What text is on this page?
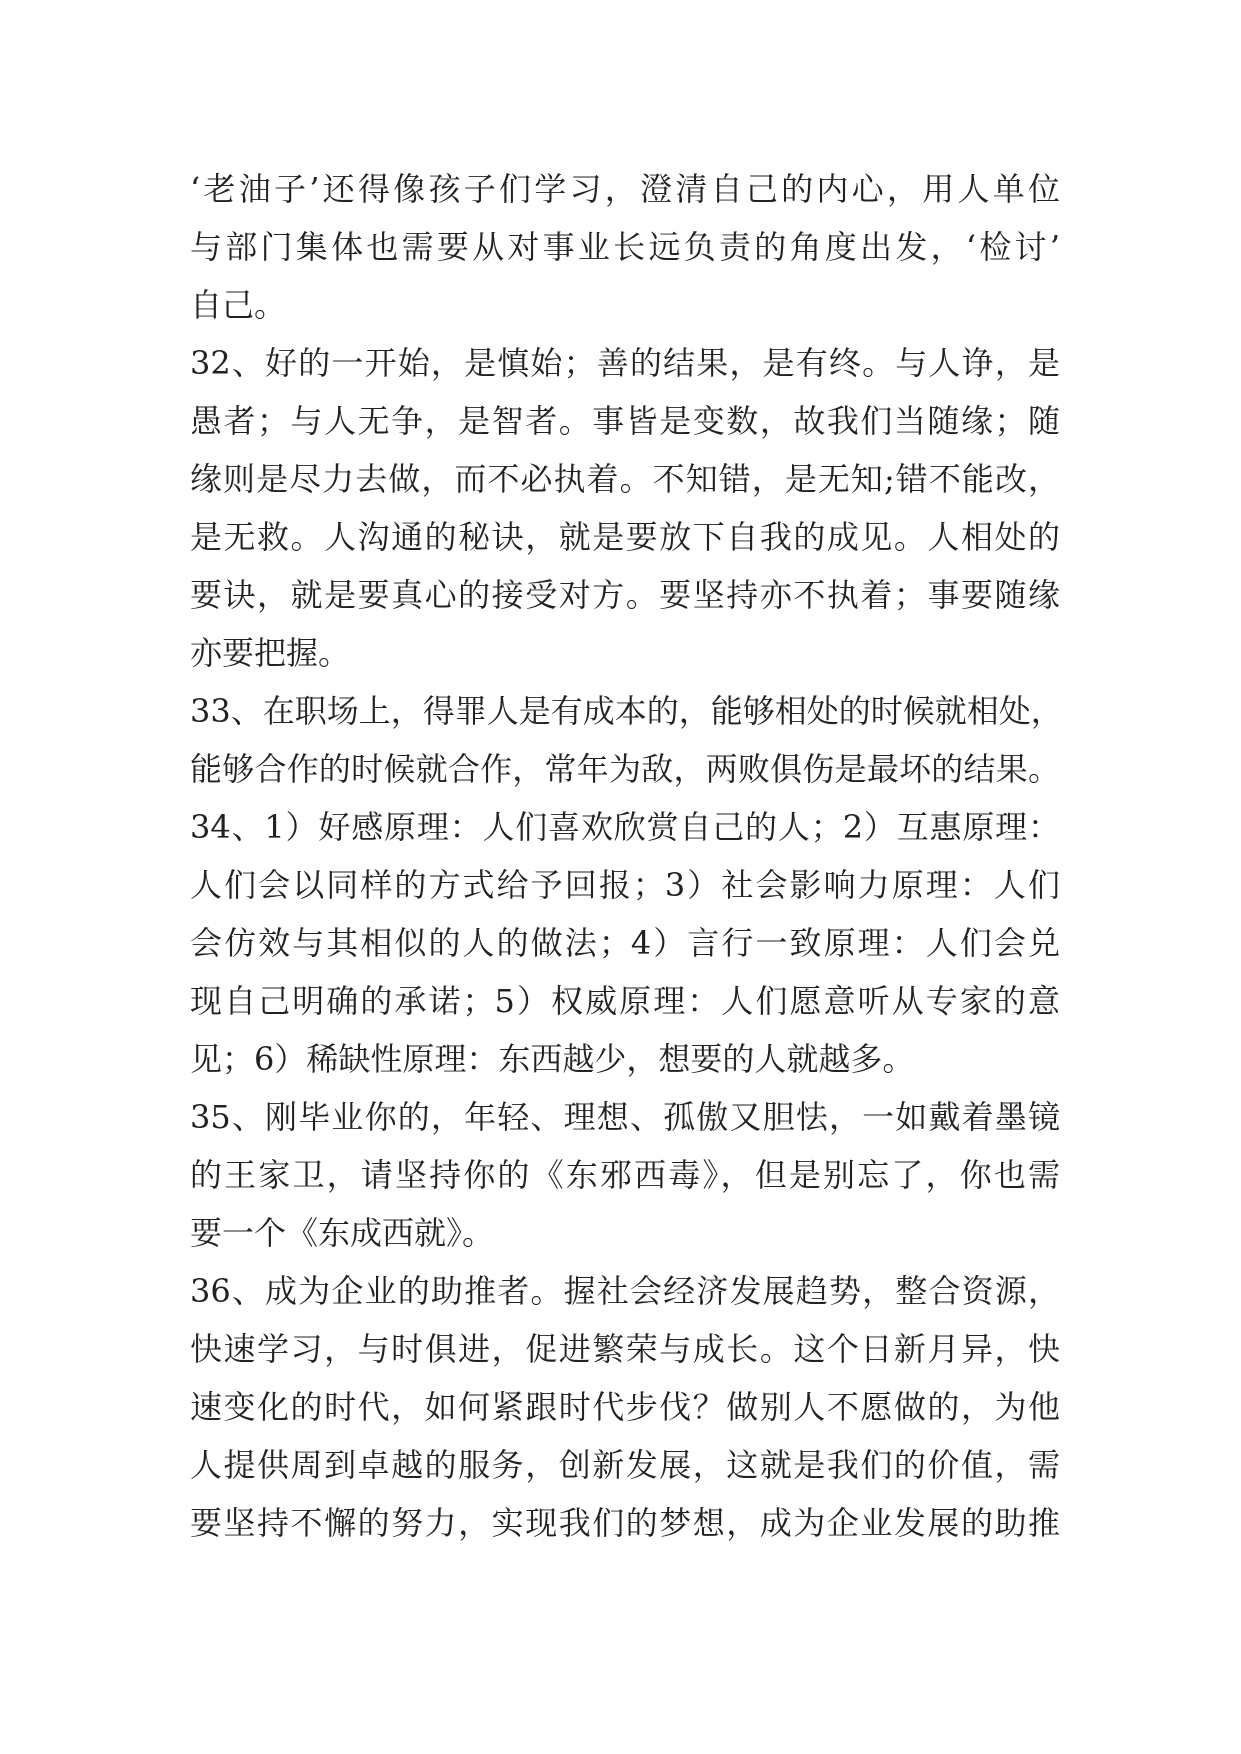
‘老油子’还得像孩子们学习，澄清自己的内心，用人单位
与部门集体也需要从对事业长远负责的角度出发，‘检讨’
自己。
32、好的一开始，是慎始；善的结果，是有终。与人诤，是
愚者；与人无争，是智者。事皆是变数，故我们当随缘；随
缘则是尽力去做，而不必执着。不知错，是无知;错不能改，
是无救。人沟通的秘诀，就是要放下自我的成见。人相处的
要诀，就是要真心的接受对方。要坚持亦不执着；事要随缘
亦要把握。
33、在职场上，得罪人是有成本的，能够相处的时候就相处，
能够合作的时候就合作，常年为敌，两败俱伤是最坏的结果。
34、1）好感原理：人们喜欢欣赏自己的人；2）互惠原理：
人们会以同样的方式给予回报；3）社会影响力原理：人们
会仿效与其相似的人的做法；4）言行一致原理：人们会兑
现自己明确的承诺；5）权威原理：人们愿意听从专家的意
见；6）稀缺性原理：东西越少，想要的人就越多。
35、刚毕业你的，年轻、理想、孤傲又胆怯，一如戴着墨镜
的王家卫，请坚持你的《东邪西毒》，但是别忘了，你也需
要一个《东成西就》。
36、成为企业的助推者。握社会经济发展趋势，整合资源，
快速学习，与时俱进，促进繁荣与成长。这个日新月异，快
速变化的时代，如何紧跟时代步伐？做别人不愿做的，为他
人提供周到卓越的服务，创新发展，这就是我们的价值，需
要坚持不懈的努力，实现我们的梦想，成为企业发展的助推
